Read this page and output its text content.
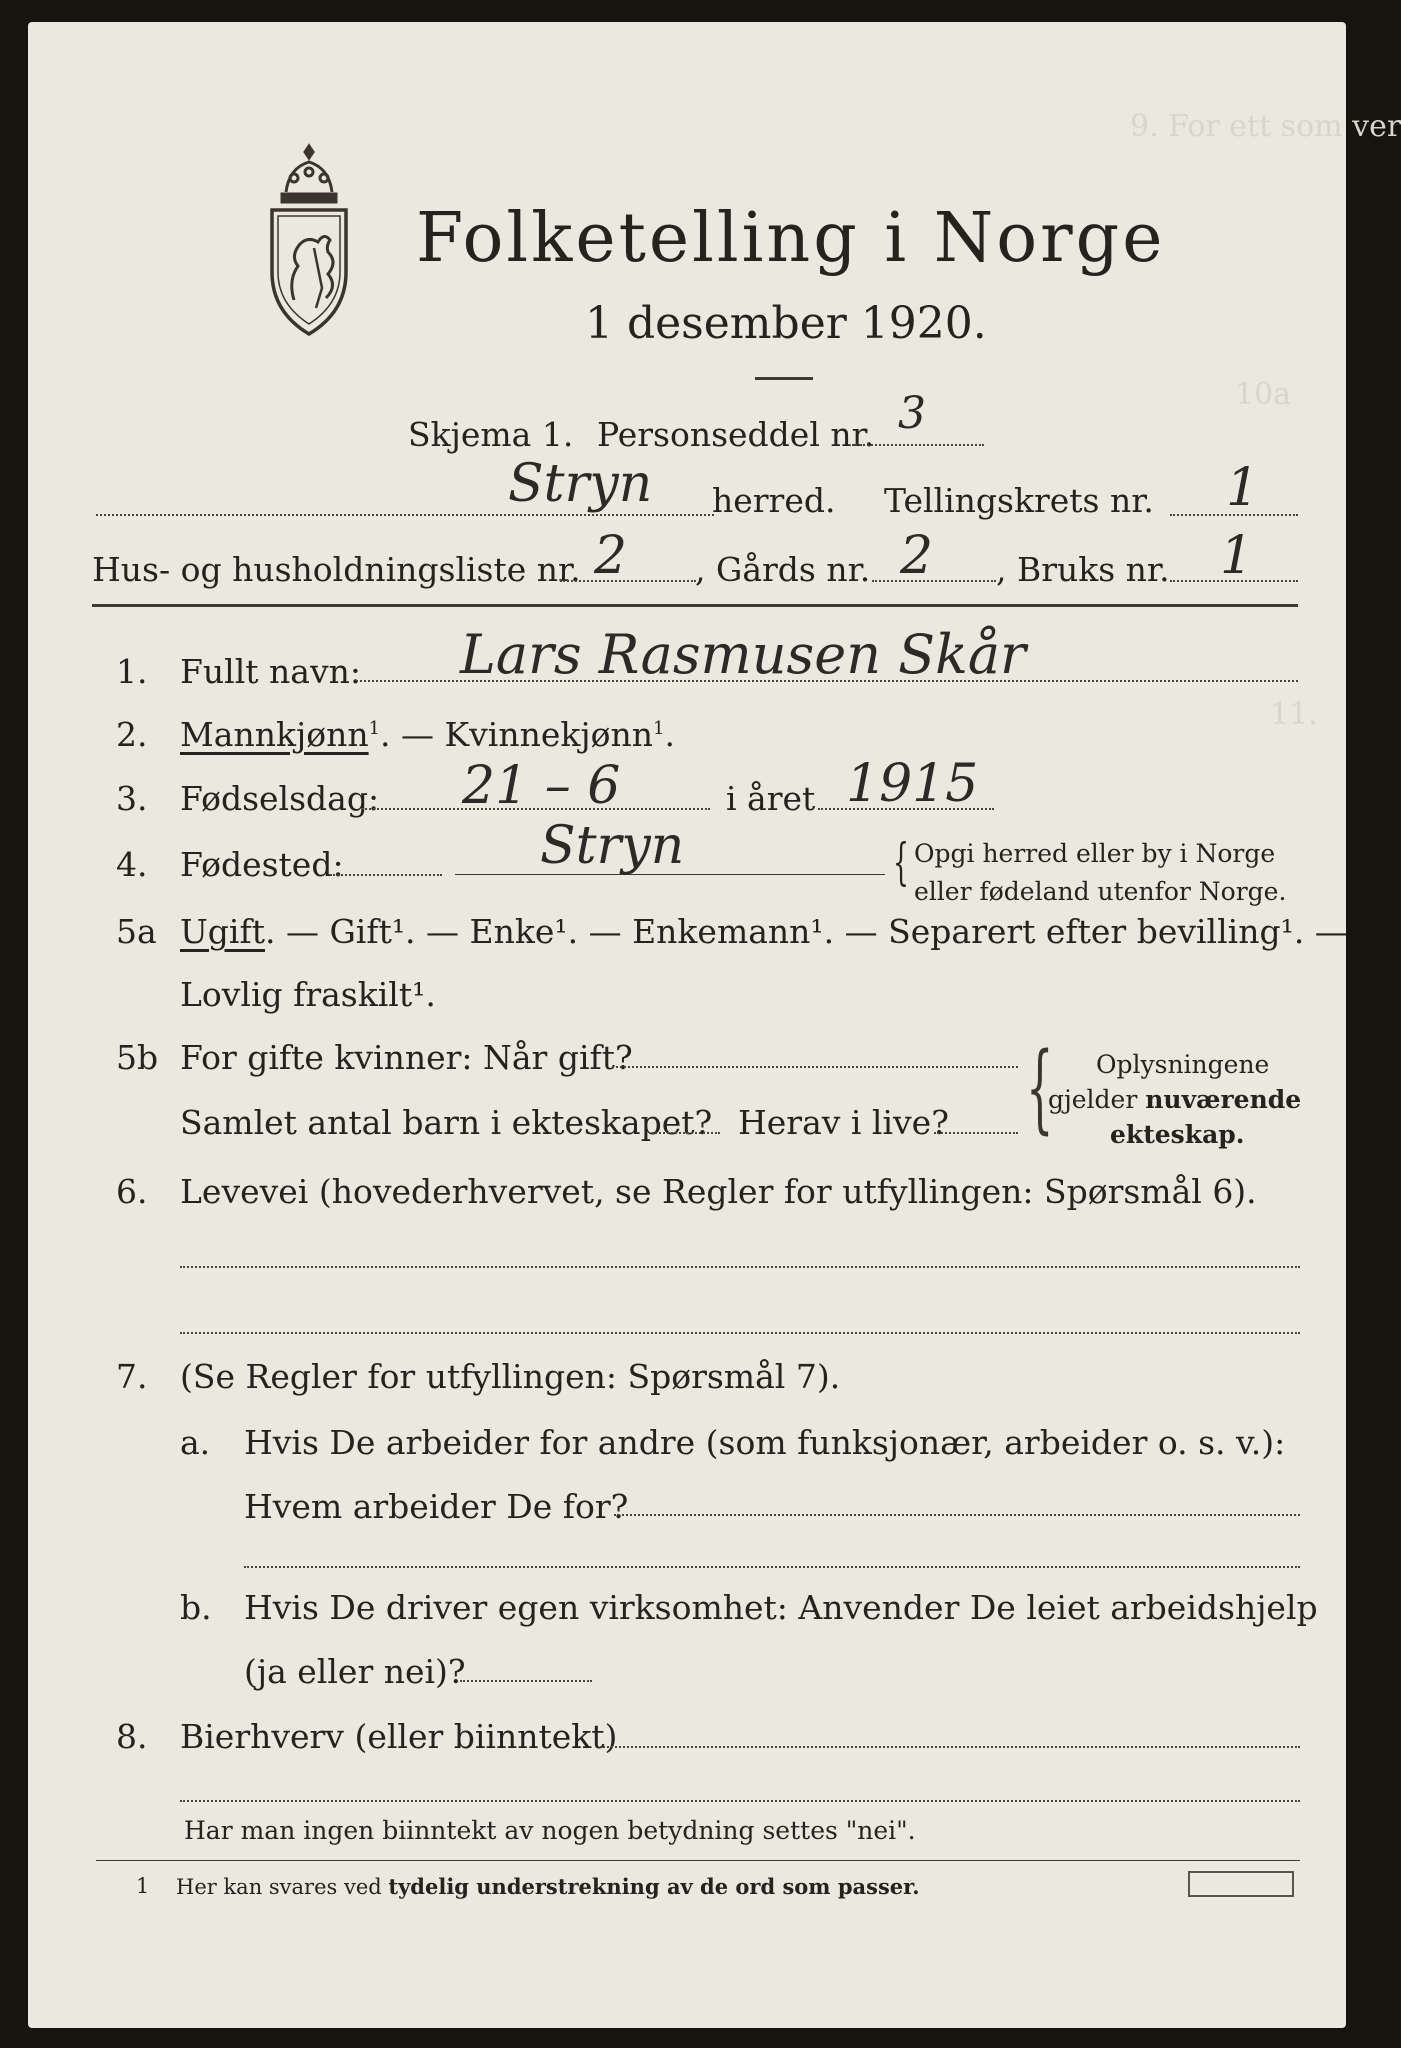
9. For ett som ver
10a
11.
Folketelling i Norge
1 desember 1920.
Skjema 1. Personseddel nr. 3
Stryn herred. Tellingskrets nr. 1
Hus- og husholdningsliste nr. 2 , Gårds nr. 2 , Bruks nr. 1
1. Fullt navn: Lars Rasmusen Skår
2. Mannkjønn$^1$. — Kvinnekjønn$^1$.
3. Fødselsdag: 21 – 6	i året 1915
4. Fødested:	Stryn	{ Opgi herred eller by i Norge
eller fødeland utenfor Norge.
5a Ugift. — Gift¹. — Enke¹. — Enkemann¹. — Separert efter bevilling¹. —
Lovlig fraskilt¹.
5b For gifte kvinner: Når gift?
Samlet antal barn i ekteskapet? Herav i live? { Oplysningene
gjelder nuværende
ekteskap.
6. Levevei (hovederhvervet, se Regler for utfyllingen: Spørsmål 6).
7. (Se Regler for utfyllingen: Spørsmål 7).
a. Hvis De arbeider for andre (som funksjonær, arbeider o. s. v.):
Hvem arbeider De for?
b. Hvis De driver egen virksomhet: Anvender De leiet arbeidshjelp
(ja eller nei)?
8. Bierhverv (eller biinntekt)
Har man ingen biinntekt av nogen betydning settes "nei".
1 Her kan svares ved tydelig understrekning av de ord som passer.
